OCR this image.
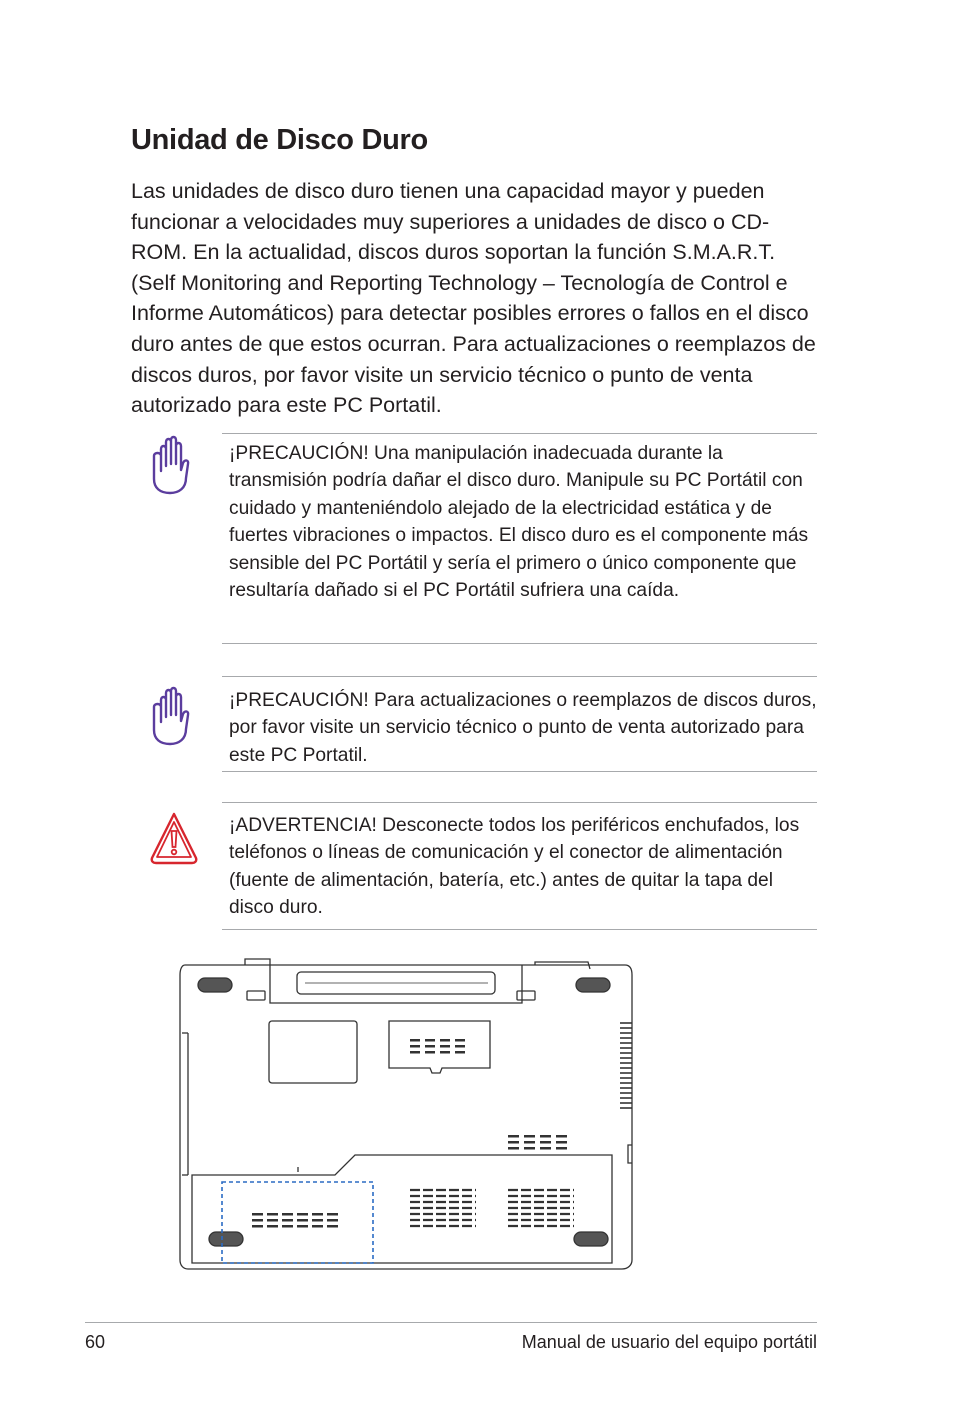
Unidad de Disco Duro

Las unidades de disco duro tienen una capacidad mayor y pueden funcionar a velocidades muy superiores a unidades de disco o CD-ROM. En la actualidad, discos duros soportan la función S.M.A.R.T. (Self Monitoring and Reporting Technology – Tecnología de Control e Informe Automáticos) para detectar posibles errores o fallos en el disco duro antes de que estos ocurran. Para actualizaciones o reemplazos de discos duros, por favor visite un servicio técnico o punto de venta autorizado para este PC Portatil.

¡PRECAUCIÓN! Una manipulación inadecuada durante la transmisión podría dañar el disco duro. Manipule su PC Portátil con cuidado y manteniéndolo alejado de la electricidad estática y de fuertes vibraciones o impactos. El disco duro es el componente más sensible del PC Portátil y sería el primero o único componente que resultaría dañado si el PC Portátil sufriera una caída.

¡PRECAUCIÓN! Para actualizaciones o reemplazos de discos duros, por favor visite un servicio técnico o punto de venta autorizado para este PC Portatil.

¡ADVERTENCIA! Desconecte todos los periféricos enchufados, los teléfonos o líneas de comunicación y el conector de alimentación (fuente de alimentación, batería, etc.) antes de quitar la tapa del disco duro.

60	Manual de usuario del equipo portátil
